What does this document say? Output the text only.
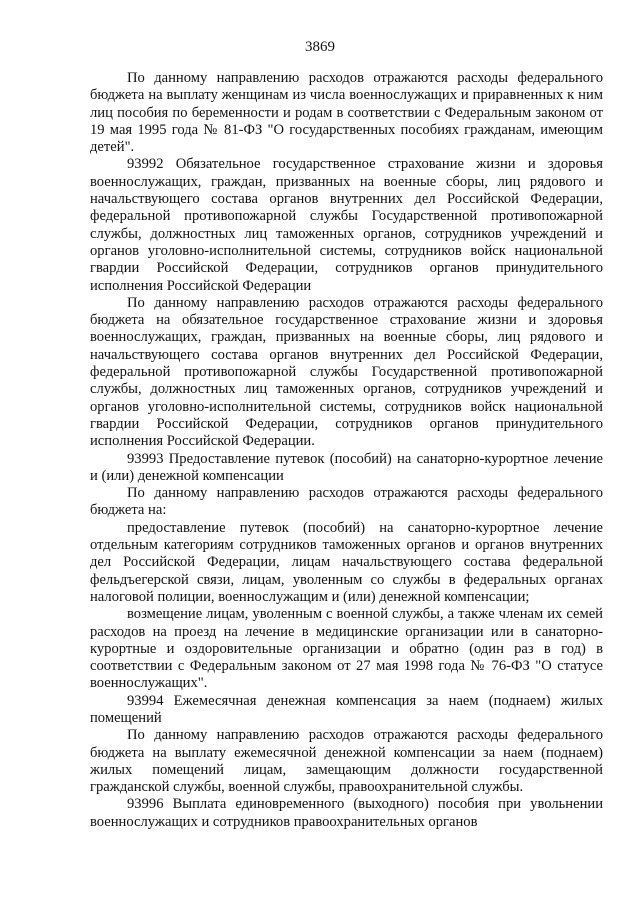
3869

По данному направлению расходов отражаются расходы федерального бюджета на выплату женщинам из числа военнослужащих и приравненных к ним лиц пособия по беременности и родам в соответствии с Федеральным законом от 19 мая 1995 года № 81-ФЗ "О государственных пособиях гражданам, имеющим детей".

93992 Обязательное государственное страхование жизни и здоровья военнослужащих, граждан, призванных на военные сборы, лиц рядового и начальствующего состава органов внутренних дел Российской Федерации, федеральной противопожарной службы Государственной противопожарной службы, должностных лиц таможенных органов, сотрудников учреждений и органов уголовно-исполнительной системы, сотрудников войск национальной гвардии Российской Федерации, сотрудников органов принудительного исполнения Российской Федерации

По данному направлению расходов отражаются расходы федерального бюджета на обязательное государственное страхование жизни и здоровья военнослужащих, граждан, призванных на военные сборы, лиц рядового и начальствующего состава органов внутренних дел Российской Федерации, федеральной противопожарной службы Государственной противопожарной службы, должностных лиц таможенных органов, сотрудников учреждений и органов уголовно-исполнительной системы, сотрудников войск национальной гвардии Российской Федерации, сотрудников органов принудительного исполнения Российской Федерации.

93993 Предоставление путевок (пособий) на санаторно-курортное лечение и (или) денежной компенсации

По данному направлению расходов отражаются расходы федерального бюджета на:

предоставление путевок (пособий) на санаторно-курортное лечение отдельным категориям сотрудников таможенных органов и органов внутренних дел Российской Федерации, лицам начальствующего состава федеральной фельдъегерской связи, лицам, уволенным со службы в федеральных органах налоговой полиции, военнослужащим и (или) денежной компенсации;

возмещение лицам, уволенным с военной службы, а также членам их семей расходов на проезд на лечение в медицинские организации или в санаторно-курортные и оздоровительные организации и обратно (один раз в год) в соответствии с Федеральным законом от 27 мая 1998 года № 76-ФЗ "О статусе военнослужащих".

93994 Ежемесячная денежная компенсация за наем (поднаем) жилых помещений

По данному направлению расходов отражаются расходы федерального бюджета на выплату ежемесячной денежной компенсации за наем (поднаем) жилых помещений лицам, замещающим должности государственной гражданской службы, военной службы, правоохранительной службы.

93996 Выплата единовременного (выходного) пособия при увольнении военнослужащих и сотрудников правоохранительных органов
